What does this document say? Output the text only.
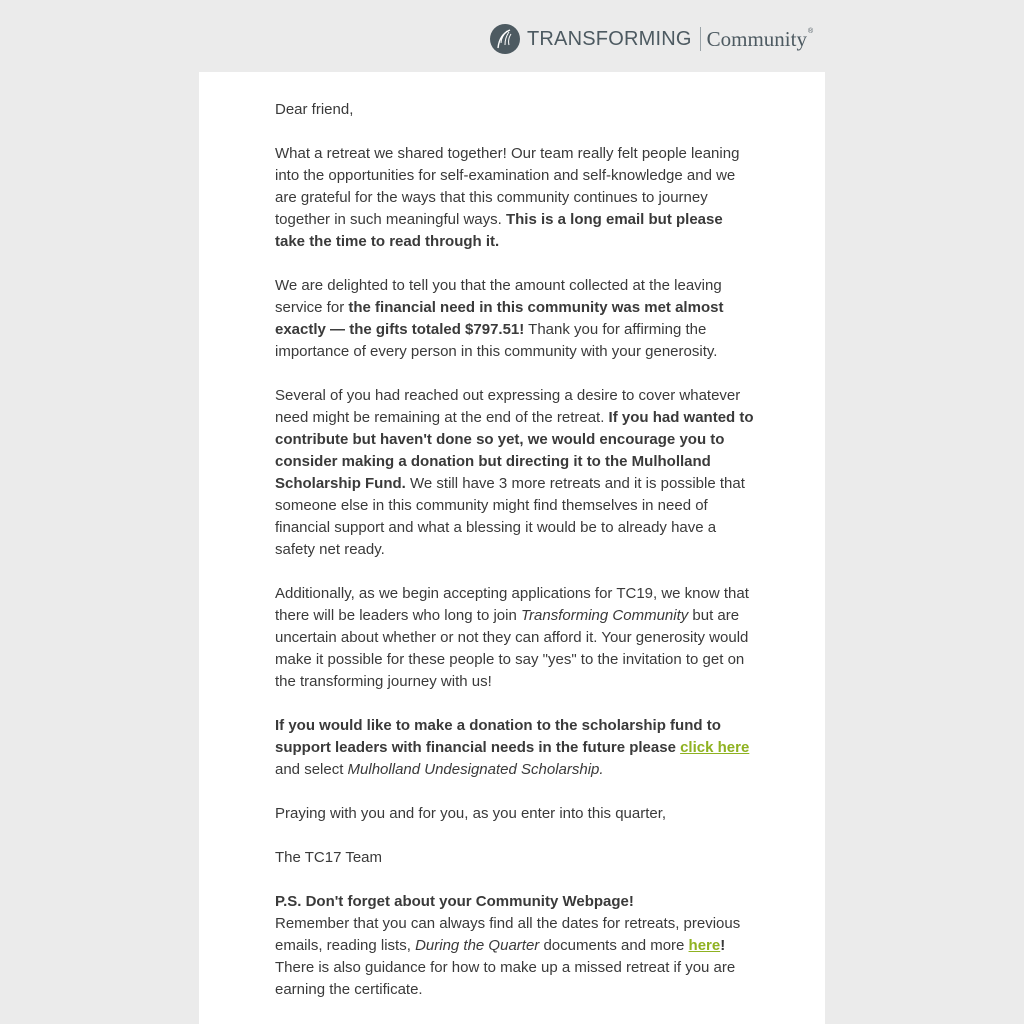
TRANSFORMING Community ®

Dear friend,

What a retreat we shared together! Our team really felt people leaning into the opportunities for self-examination and self-knowledge and we are grateful for the ways that this community continues to journey together in such meaningful ways. This is a long email but please take the time to read through it.

We are delighted to tell you that the amount collected at the leaving service for the financial need in this community was met almost exactly — the gifts totaled $797.51! Thank you for affirming the importance of every person in this community with your generosity.

Several of you had reached out expressing a desire to cover whatever need might be remaining at the end of the retreat. If you had wanted to contribute but haven't done so yet, we would encourage you to consider making a donation but directing it to the Mulholland Scholarship Fund. We still have 3 more retreats and it is possible that someone else in this community might find themselves in need of financial support and what a blessing it would be to already have a safety net ready.

Additionally, as we begin accepting applications for TC19, we know that there will be leaders who long to join Transforming Community but are uncertain about whether or not they can afford it. Your generosity would make it possible for these people to say "yes" to the invitation to get on the transforming journey with us!

If you would like to make a donation to the scholarship fund to support leaders with financial needs in the future please click here and select Mulholland Undesignated Scholarship.

Praying with you and for you, as you enter into this quarter,

The TC17 Team

P.S. Don't forget about your Community Webpage!

Remember that you can always find all the dates for retreats, previous emails, reading lists, During the Quarter documents and more here! There is also guidance for how to make up a missed retreat if you are earning the certificate.
